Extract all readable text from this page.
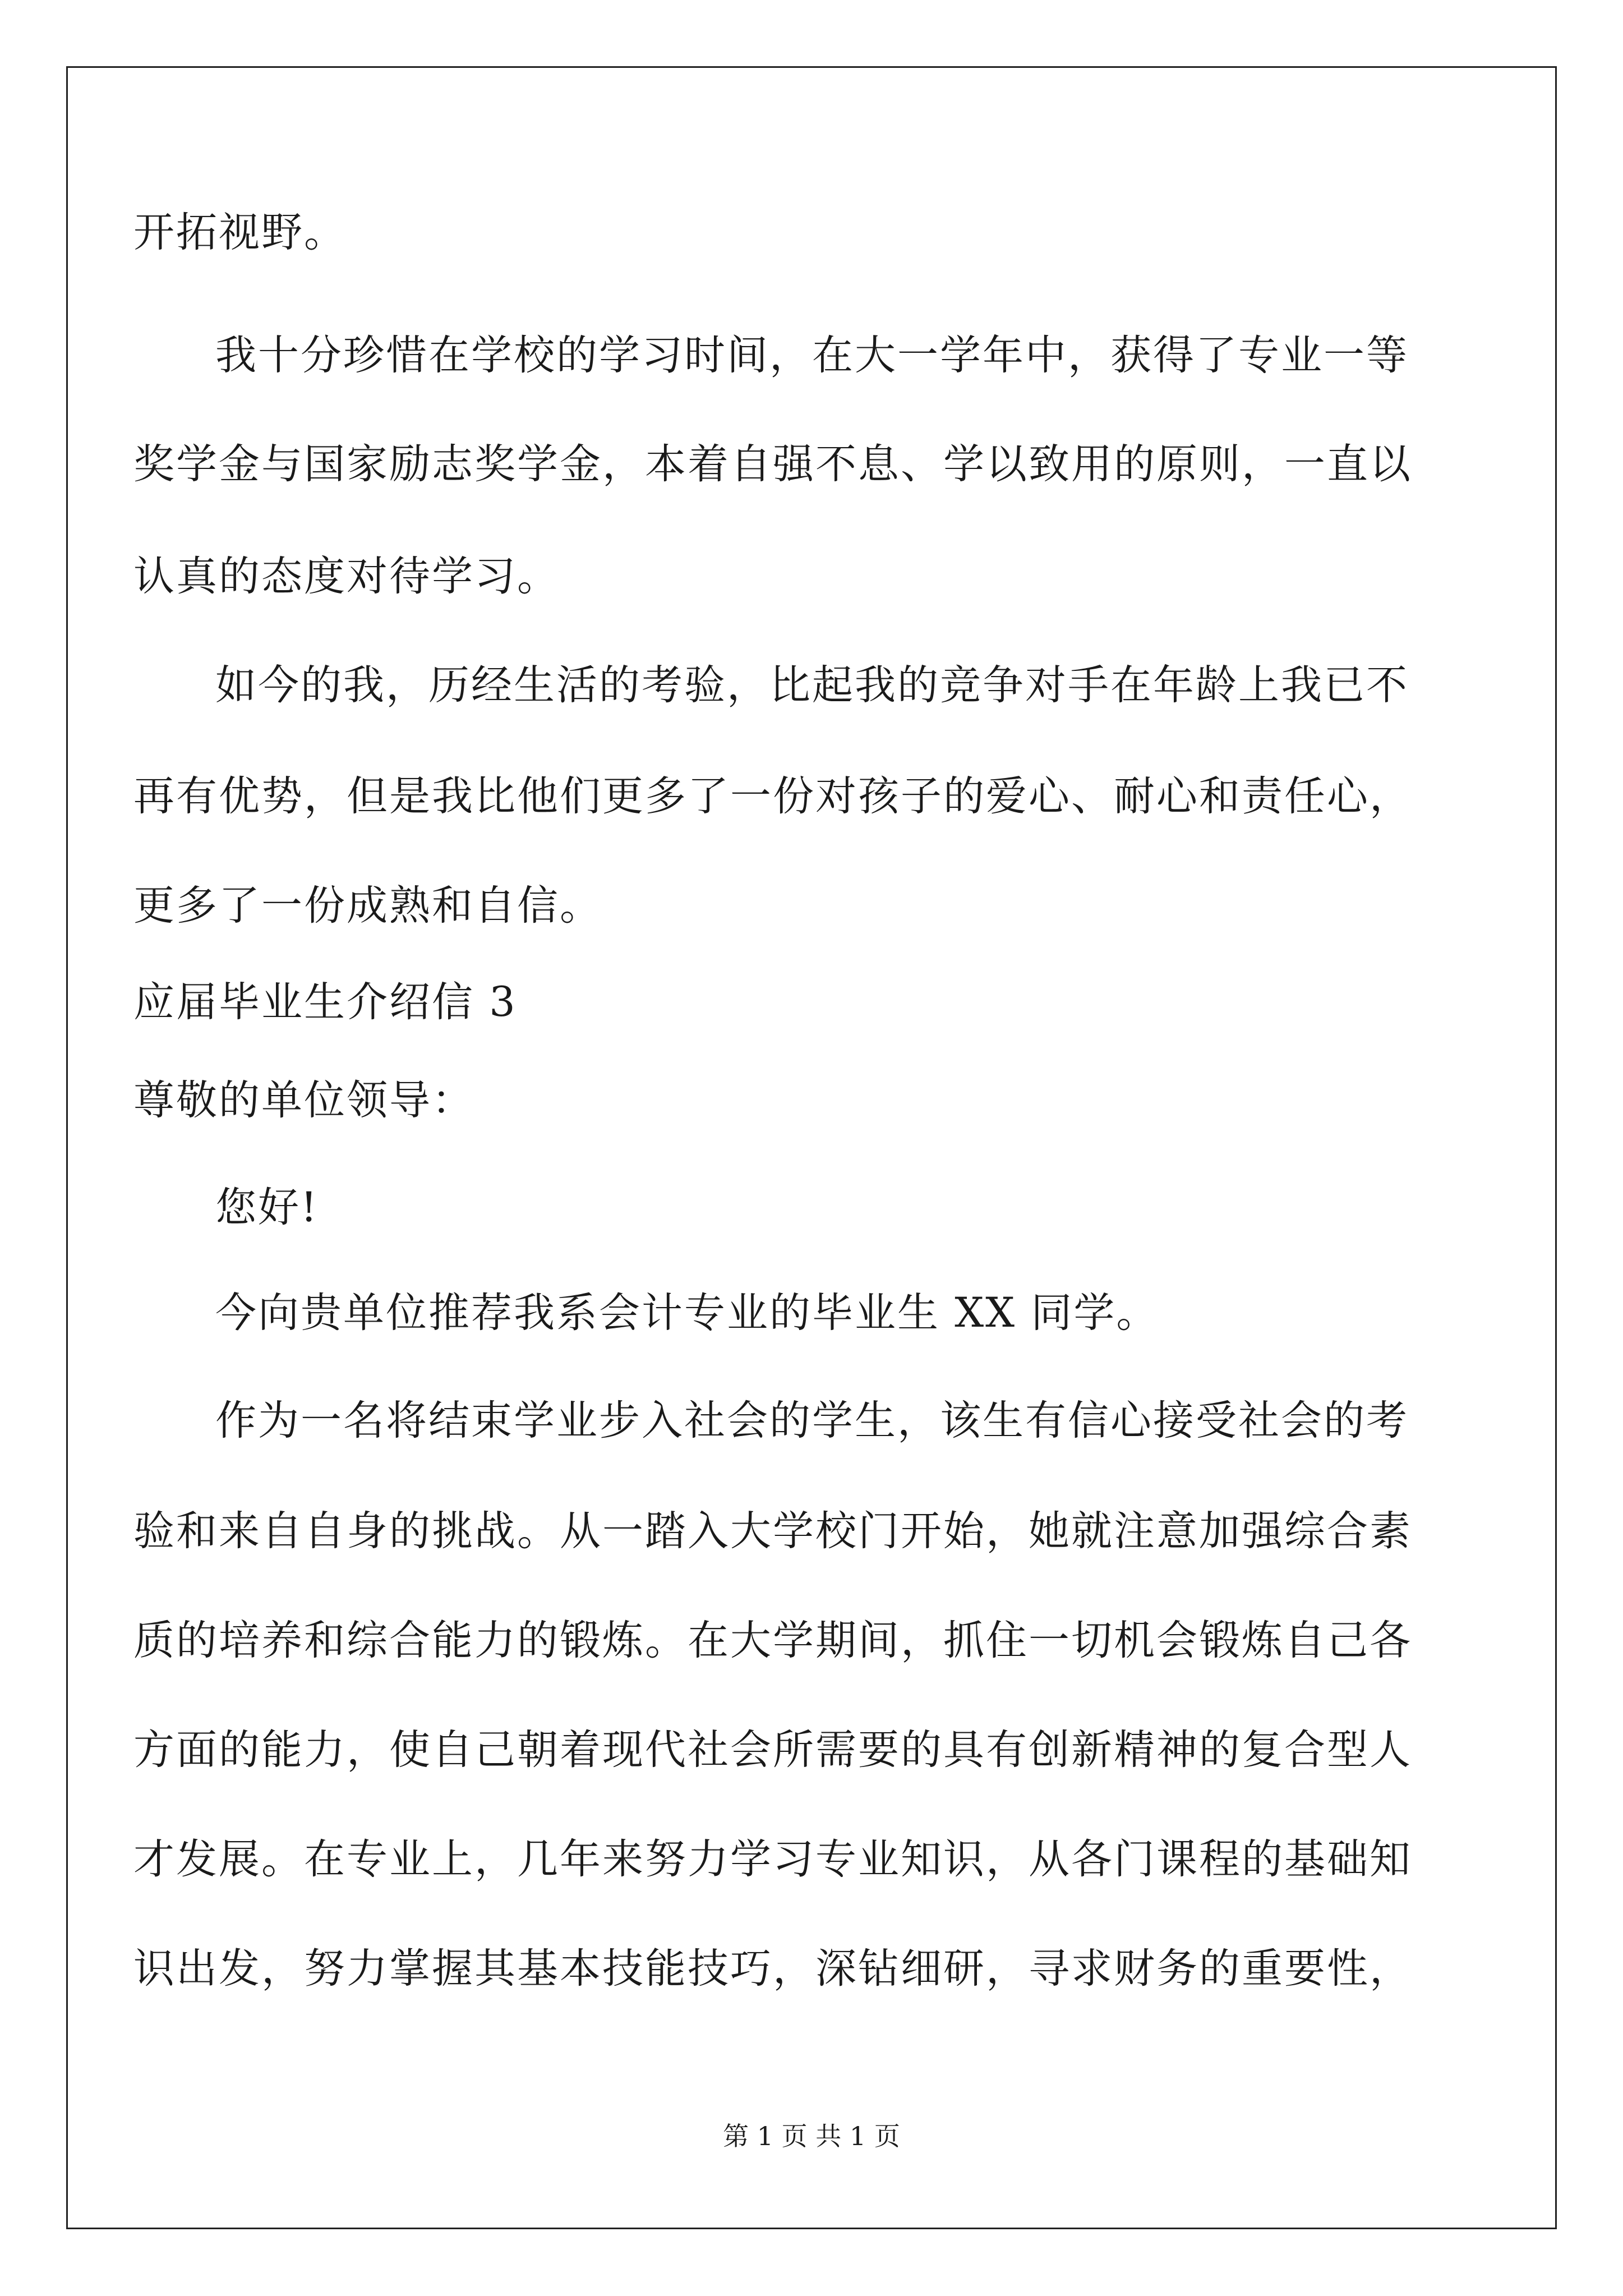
开拓视野。
我十分珍惜在学校的学习时间，在大一学年中，获得了专业一等
奖学金与国家励志奖学金，本着自强不息、学以致用的原则，一直以
认真的态度对待学习。
如今的我，历经生活的考验，比起我的竞争对手在年龄上我已不
再有优势，但是我比他们更多了一份对孩子的爱心、耐心和责任心，
更多了一份成熟和自信。
应届毕业生介绍信 3
尊敬的单位领导：
您好!
今向贵单位推荐我系会计专业的毕业生 XX 同学。
作为一名将结束学业步入社会的学生，该生有信心接受社会的考
验和来自自身的挑战。从一踏入大学校门开始，她就注意加强综合素
质的培养和综合能力的锻炼。在大学期间，抓住一切机会锻炼自己各
方面的能力，使自己朝着现代社会所需要的具有创新精神的复合型人
才发展。在专业上，几年来努力学习专业知识，从各门课程的基础知
识出发，努力掌握其基本技能技巧，深钻细研，寻求财务的重要性，
第 1 页 共 1 页
